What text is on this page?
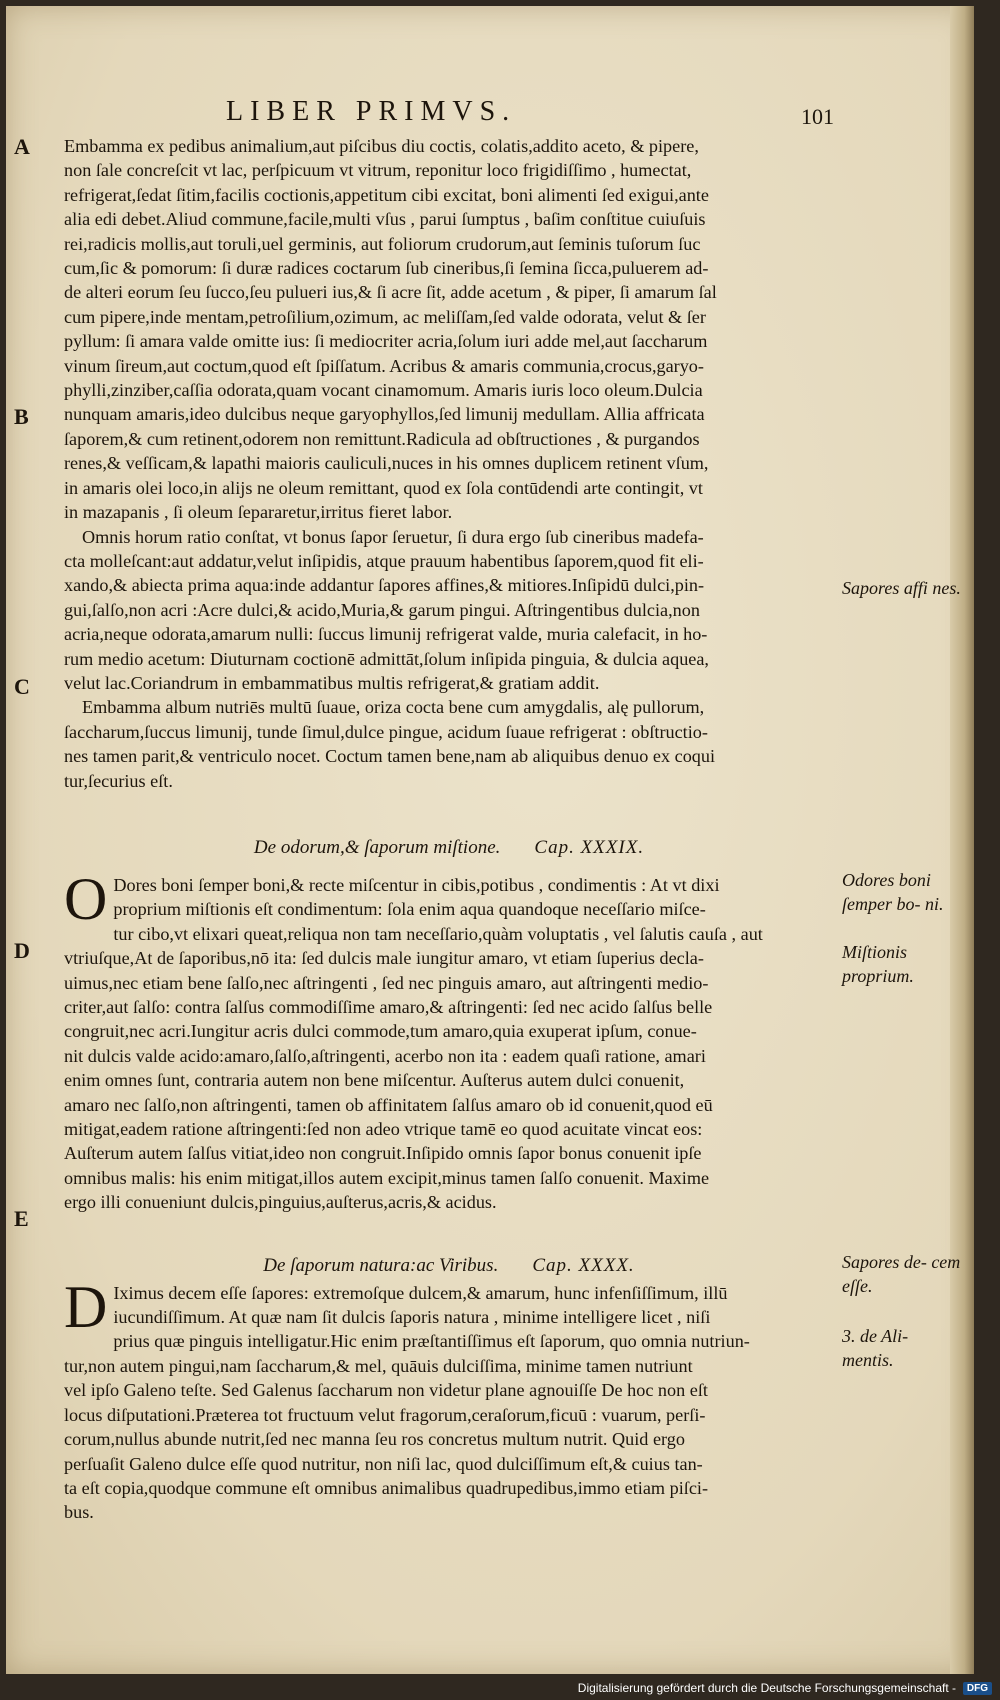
LIBER PRIMVS.	101
A
B
C
D
E

Embamma ex pedibus animalium,aut piſcibus diu coctis, colatis,addito aceto, & pipere,

non ſale concreſcit vt lac, perſpicuum vt vitrum, reponitur loco frigidiſſimo , humectat,

refrigerat,ſedat ſitim,facilis coctionis,appetitum cibi excitat, boni alimenti ſed exigui,ante

alia edi debet.Aliud commune,facile,multi vſus , parui ſumptus , baſim conſtitue cuiuſuis

rei,radicis mollis,aut toruli,uel germinis, aut foliorum crudorum,aut ſeminis tuſorum ſuc

cum,ſic & pomorum: ſi duræ radices coctarum ſub cineribus,ſi ſemina ſicca,puluerem ad-

de alteri eorum ſeu ſucco,ſeu pulueri ius,& ſi acre ſit, adde acetum , & piper, ſi amarum ſal

cum pipere,inde mentam,petroſilium,ozimum, ac meliſſam,ſed valde odorata, velut & ſer

pyllum: ſi amara valde omitte ius: ſi mediocriter acria,ſolum iuri adde mel,aut ſaccharum

vinum ſireum,aut coctum,quod eſt ſpiſſatum. Acribus & amaris communia,crocus,garyo-

phylli,zinziber,caſſia odorata,quam vocant cinamomum. Amaris iuris loco oleum.Dulcia

nunquam amaris,ideo dulcibus neque garyophyllos,ſed limunij medullam. Allia affricata

ſaporem,& cum retinent,odorem non remittunt.Radicula ad obſtructiones , & purgandos

renes,& veſſicam,& lapathi maioris cauliculi,nuces in his omnes duplicem retinent vſum,

in amaris olei loco,in alijs ne oleum remittant, quod ex ſola contūdendi arte contingit, vt

in mazapanis , ſi oleum ſepararetur,irritus fieret labor.

Omnis horum ratio conſtat, vt bonus ſapor ſeruetur, ſi dura ergo ſub cineribus madefa-

cta molleſcant:aut addatur,velut inſipidis, atque prauum habentibus ſaporem,quod fit eli-

xando,& abiecta prima aqua:inde addantur ſapores affines,& mitiores.Inſipidū dulci,pin-

gui,ſalſo,non acri :Acre dulci,& acido,Muria,& garum pingui. Aſtringentibus dulcia,non

acria,neque odorata,amarum nulli: ſuccus limunij refrigerat valde, muria calefacit, in ho-

rum medio acetum: Diuturnam coctionē admittāt,ſolum inſipida pinguia, & dulcia aquea,

velut lac.Coriandrum in embammatibus multis refrigerat,& gratiam addit.

Embamma album nutriēs multū ſuaue, oriza cocta bene cum amygdalis, alę pullorum,

ſaccharum,ſuccus limunij, tunde ſimul,dulce pingue, acidum ſuaue refrigerat : obſtructio-

nes tamen parit,& ventriculo nocet. Coctum tamen bene,nam ab aliquibus denuo ex coqui

tur,ſecurius eſt.

De odorum,& ſaporum miſtione. Cap. XXXIX.

O Dores boni ſemper boni,& recte miſcentur in cibis,potibus , condimentis : At vt dixi

proprium miſtionis eſt condimentum: ſola enim aqua quandoque neceſſario miſce-

tur cibo,vt elixari queat,reliqua non tam neceſſario,quàm voluptatis , vel ſalutis cauſa , aut

vtriuſque,At de ſaporibus,nō ita: ſed dulcis male iungitur amaro, vt etiam ſuperius decla-

uimus,nec etiam bene ſalſo,nec aſtringenti , ſed nec pinguis amaro, aut aſtringenti medio-

criter,aut ſalſo: contra ſalſus commodiſſime amaro,& aſtringenti: ſed nec acido ſalſus belle

congruit,nec acri.Iungitur acris dulci commode,tum amaro,quia exuperat ipſum, conue-

nit dulcis valde acido:amaro,ſalſo,aſtringenti, acerbo non ita : eadem quaſi ratione, amari

enim omnes ſunt, contraria autem non bene miſcentur. Auſterus autem dulci conuenit,

amaro nec ſalſo,non aſtringenti, tamen ob affinitatem ſalſus amaro ob id conuenit,quod eū

mitigat,eadem ratione aſtringenti:ſed non adeo vtrique tamē eo quod acuitate vincat eos:

Auſterum autem ſalſus vitiat,ideo non congruit.Inſipido omnis ſapor bonus conuenit ipſe

omnibus malis: his enim mitigat,illos autem excipit,minus tamen ſalſo conuenit. Maxime

ergo illi conueniunt dulcis,pinguius,auſterus,acris,& acidus.

De ſaporum natura:ac Viribus. Cap. XXXX.

D Iximus decem eſſe ſapores: extremoſque dulcem,& amarum, hunc infenſiſſimum, illū

iucundiſſimum. At quæ nam ſit dulcis ſaporis natura , minime intelligere licet , niſi

prius quæ pinguis intelligatur.Hic enim præſtantiſſimus eſt ſaporum, quo omnia nutriun-

tur,non autem pingui,nam ſaccharum,& mel, quāuis dulciſſima, minime tamen nutriunt

vel ipſo Galeno teſte. Sed Galenus ſaccharum non videtur plane agnouiſſe De hoc non eſt

locus diſputationi.Præterea tot fructuum velut fragorum,ceraſorum,ficuū : vuarum, perſi-

corum,nullus abunde nutrit,ſed nec manna ſeu ros concretus multum nutrit. Quid ergo

perſuaſit Galeno dulce eſſe quod nutritur, non niſi lac, quod dulciſſimum eſt,& cuius tan-

ta eſt copia,quodque commune eſt omnibus animalibus quadrupedibus,immo etiam piſci-

bus.

Sapores affi nes.
Odores boni ſemper bo- ni.
Miſtionis proprium.
Sapores de- cem eſſe.
3. de Ali- mentis.
Digitalisierung gefördert durch die Deutsche Forschungsgemeinschaft -	DFG
